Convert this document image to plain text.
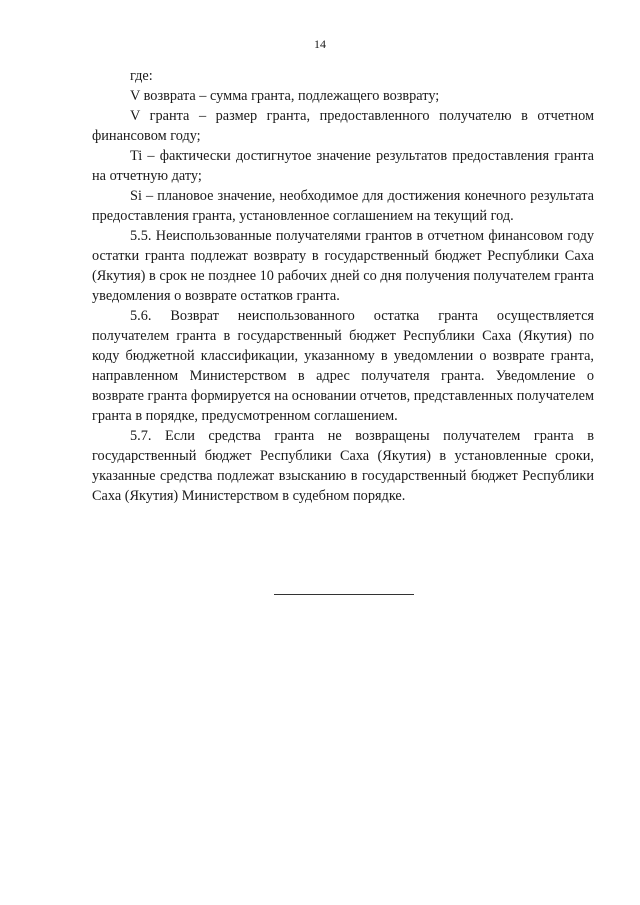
14

где:

V возврата – сумма гранта, подлежащего возврату;

V гранта – размер гранта, предоставленного получателю в отчетном финансовом году;

Ti – фактически достигнутое значение результатов предоставления гранта на отчетную дату;

Si – плановое значение, необходимое для достижения конечного результата предоставления гранта, установленное соглашением на текущий год.

5.5. Неиспользованные получателями грантов в отчетном финансовом году остатки гранта подлежат возврату в государственный бюджет Республики Саха (Якутия) в срок не позднее 10 рабочих дней со дня получения получателем гранта уведомления о возврате остатков гранта.

5.6. Возврат неиспользованного остатка гранта осуществляется получателем гранта в государственный бюджет Республики Саха (Якутия) по коду бюджетной классификации, указанному в уведомлении о возврате гранта, направленном Министерством в адрес получателя гранта. Уведомление о возврате гранта формируется на основании отчетов, представленных получателем гранта в порядке, предусмотренном соглашением.

5.7. Если средства гранта не возвращены получателем гранта в государственный бюджет Республики Саха (Якутия) в установленные сроки, указанные средства подлежат взысканию в государственный бюджет Республики Саха (Якутия) Министерством в судебном порядке.
